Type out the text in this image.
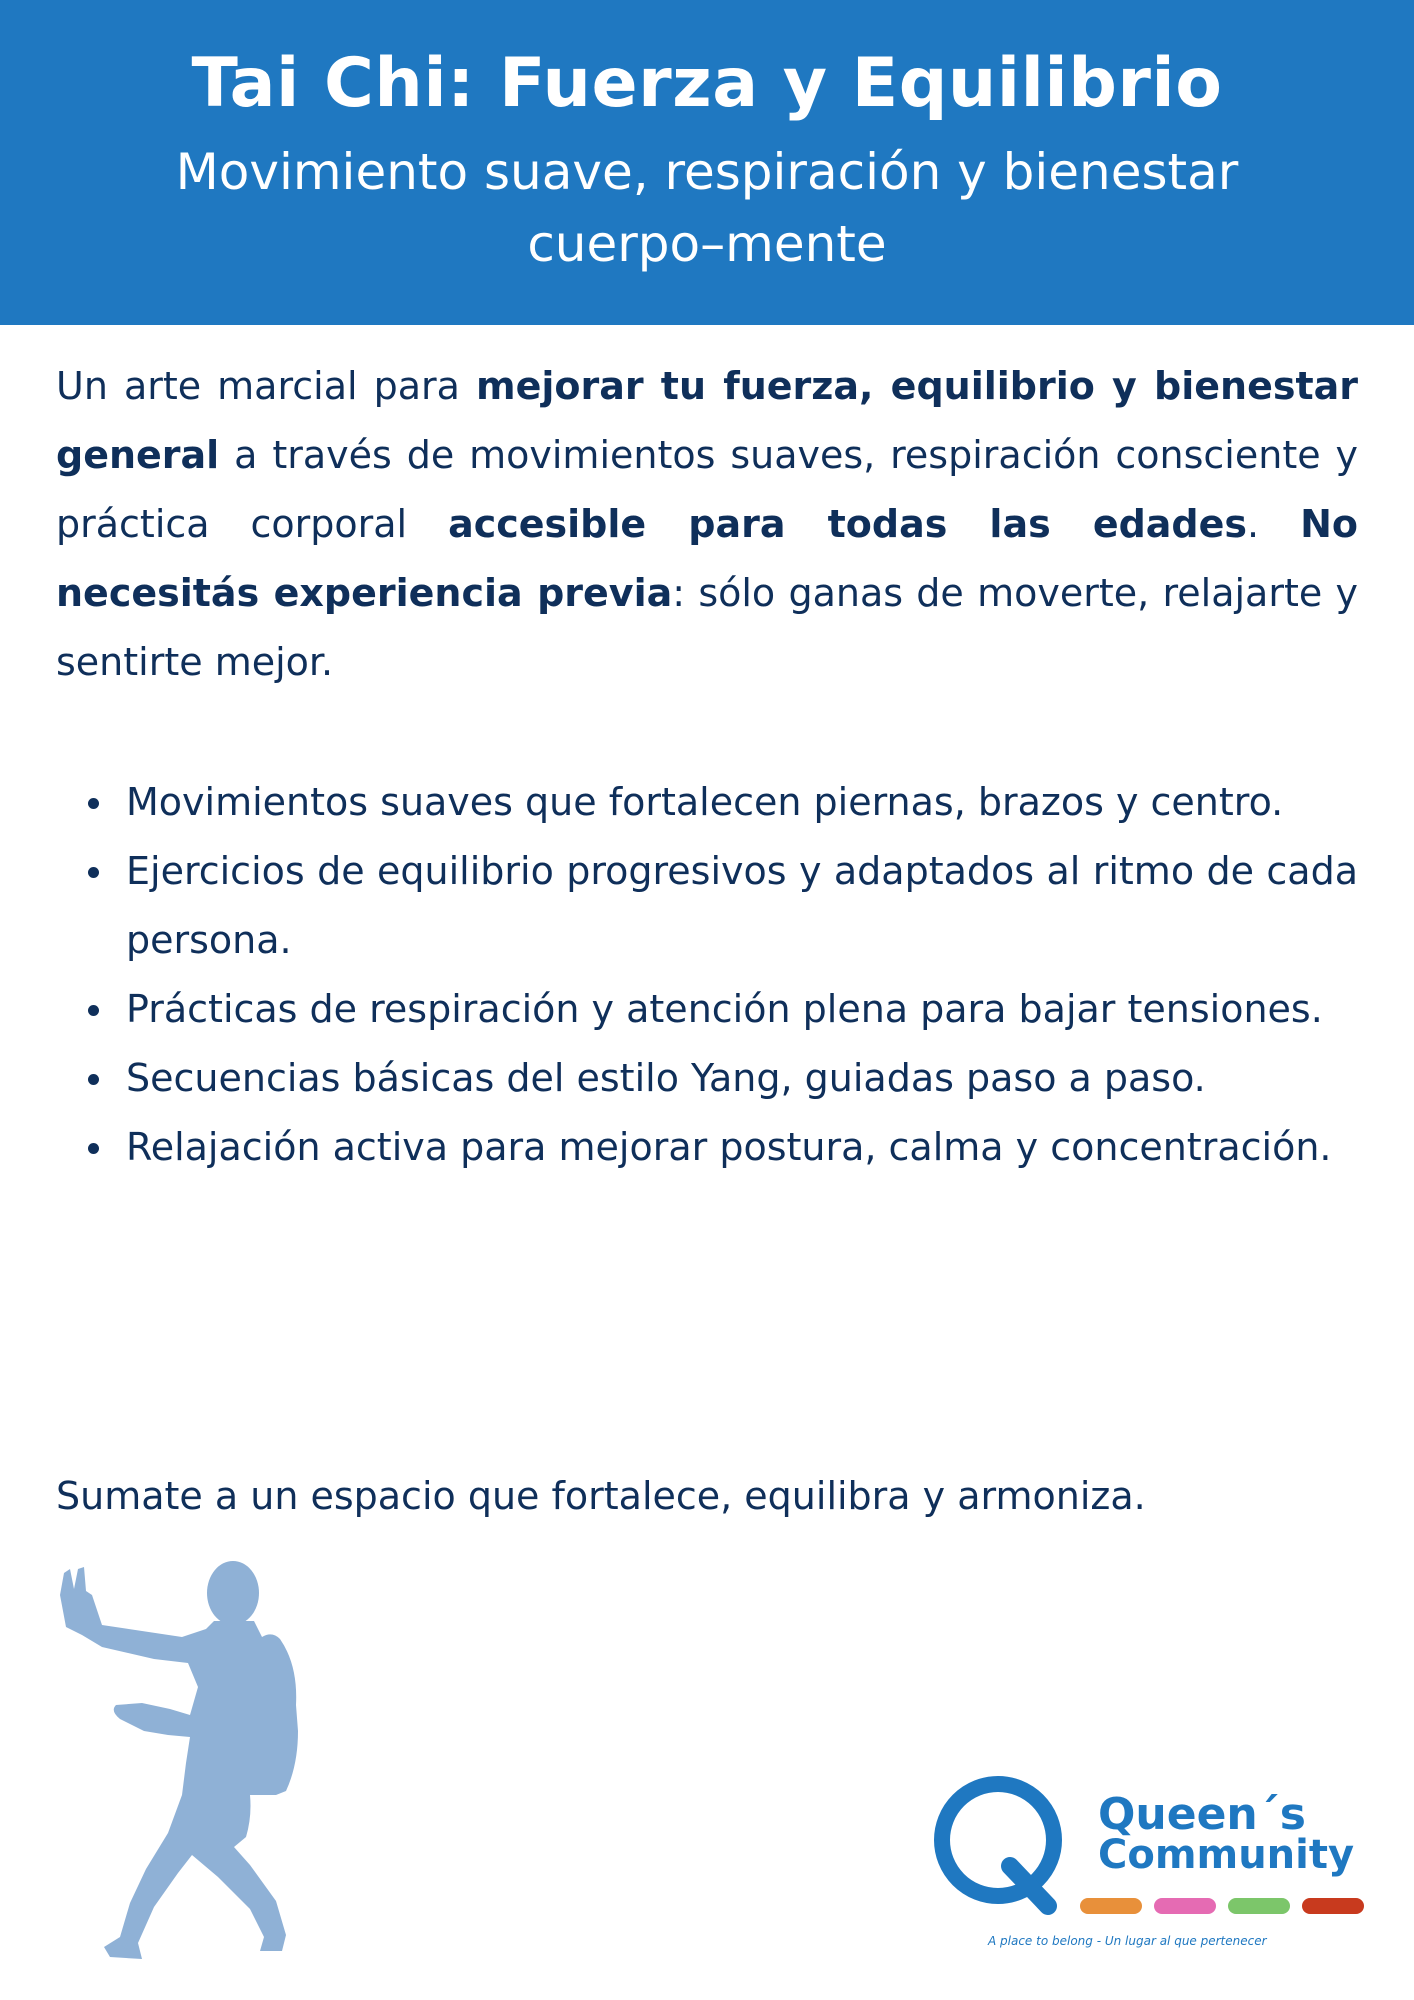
Tai Chi: Fuerza y Equilibrio
Movimiento suave, respiración y bienestar cuerpo–mente

Un arte marcial para mejorar tu fuerza, equilibrio y bienestar general a través de movimientos suaves, respiración consciente y práctica corporal accesible para todas las edades. No necesitás experiencia previa: sólo ganas de moverte, relajarte y sentirte mejor.

Movimientos suaves que fortalecen piernas, brazos y centro.
Ejercicios de equilibrio progresivos y adaptados al ritmo de cada persona.
Prácticas de respiración y atención plena para bajar tensiones.
Secuencias básicas del estilo Yang, guiadas paso a paso.
Relajación activa para mejorar postura, calma y concentración.

Sumate a un espacio que fortalece, equilibra y armoniza.

Queen´s
Community
A place to belong - Un lugar al que pertenecer
